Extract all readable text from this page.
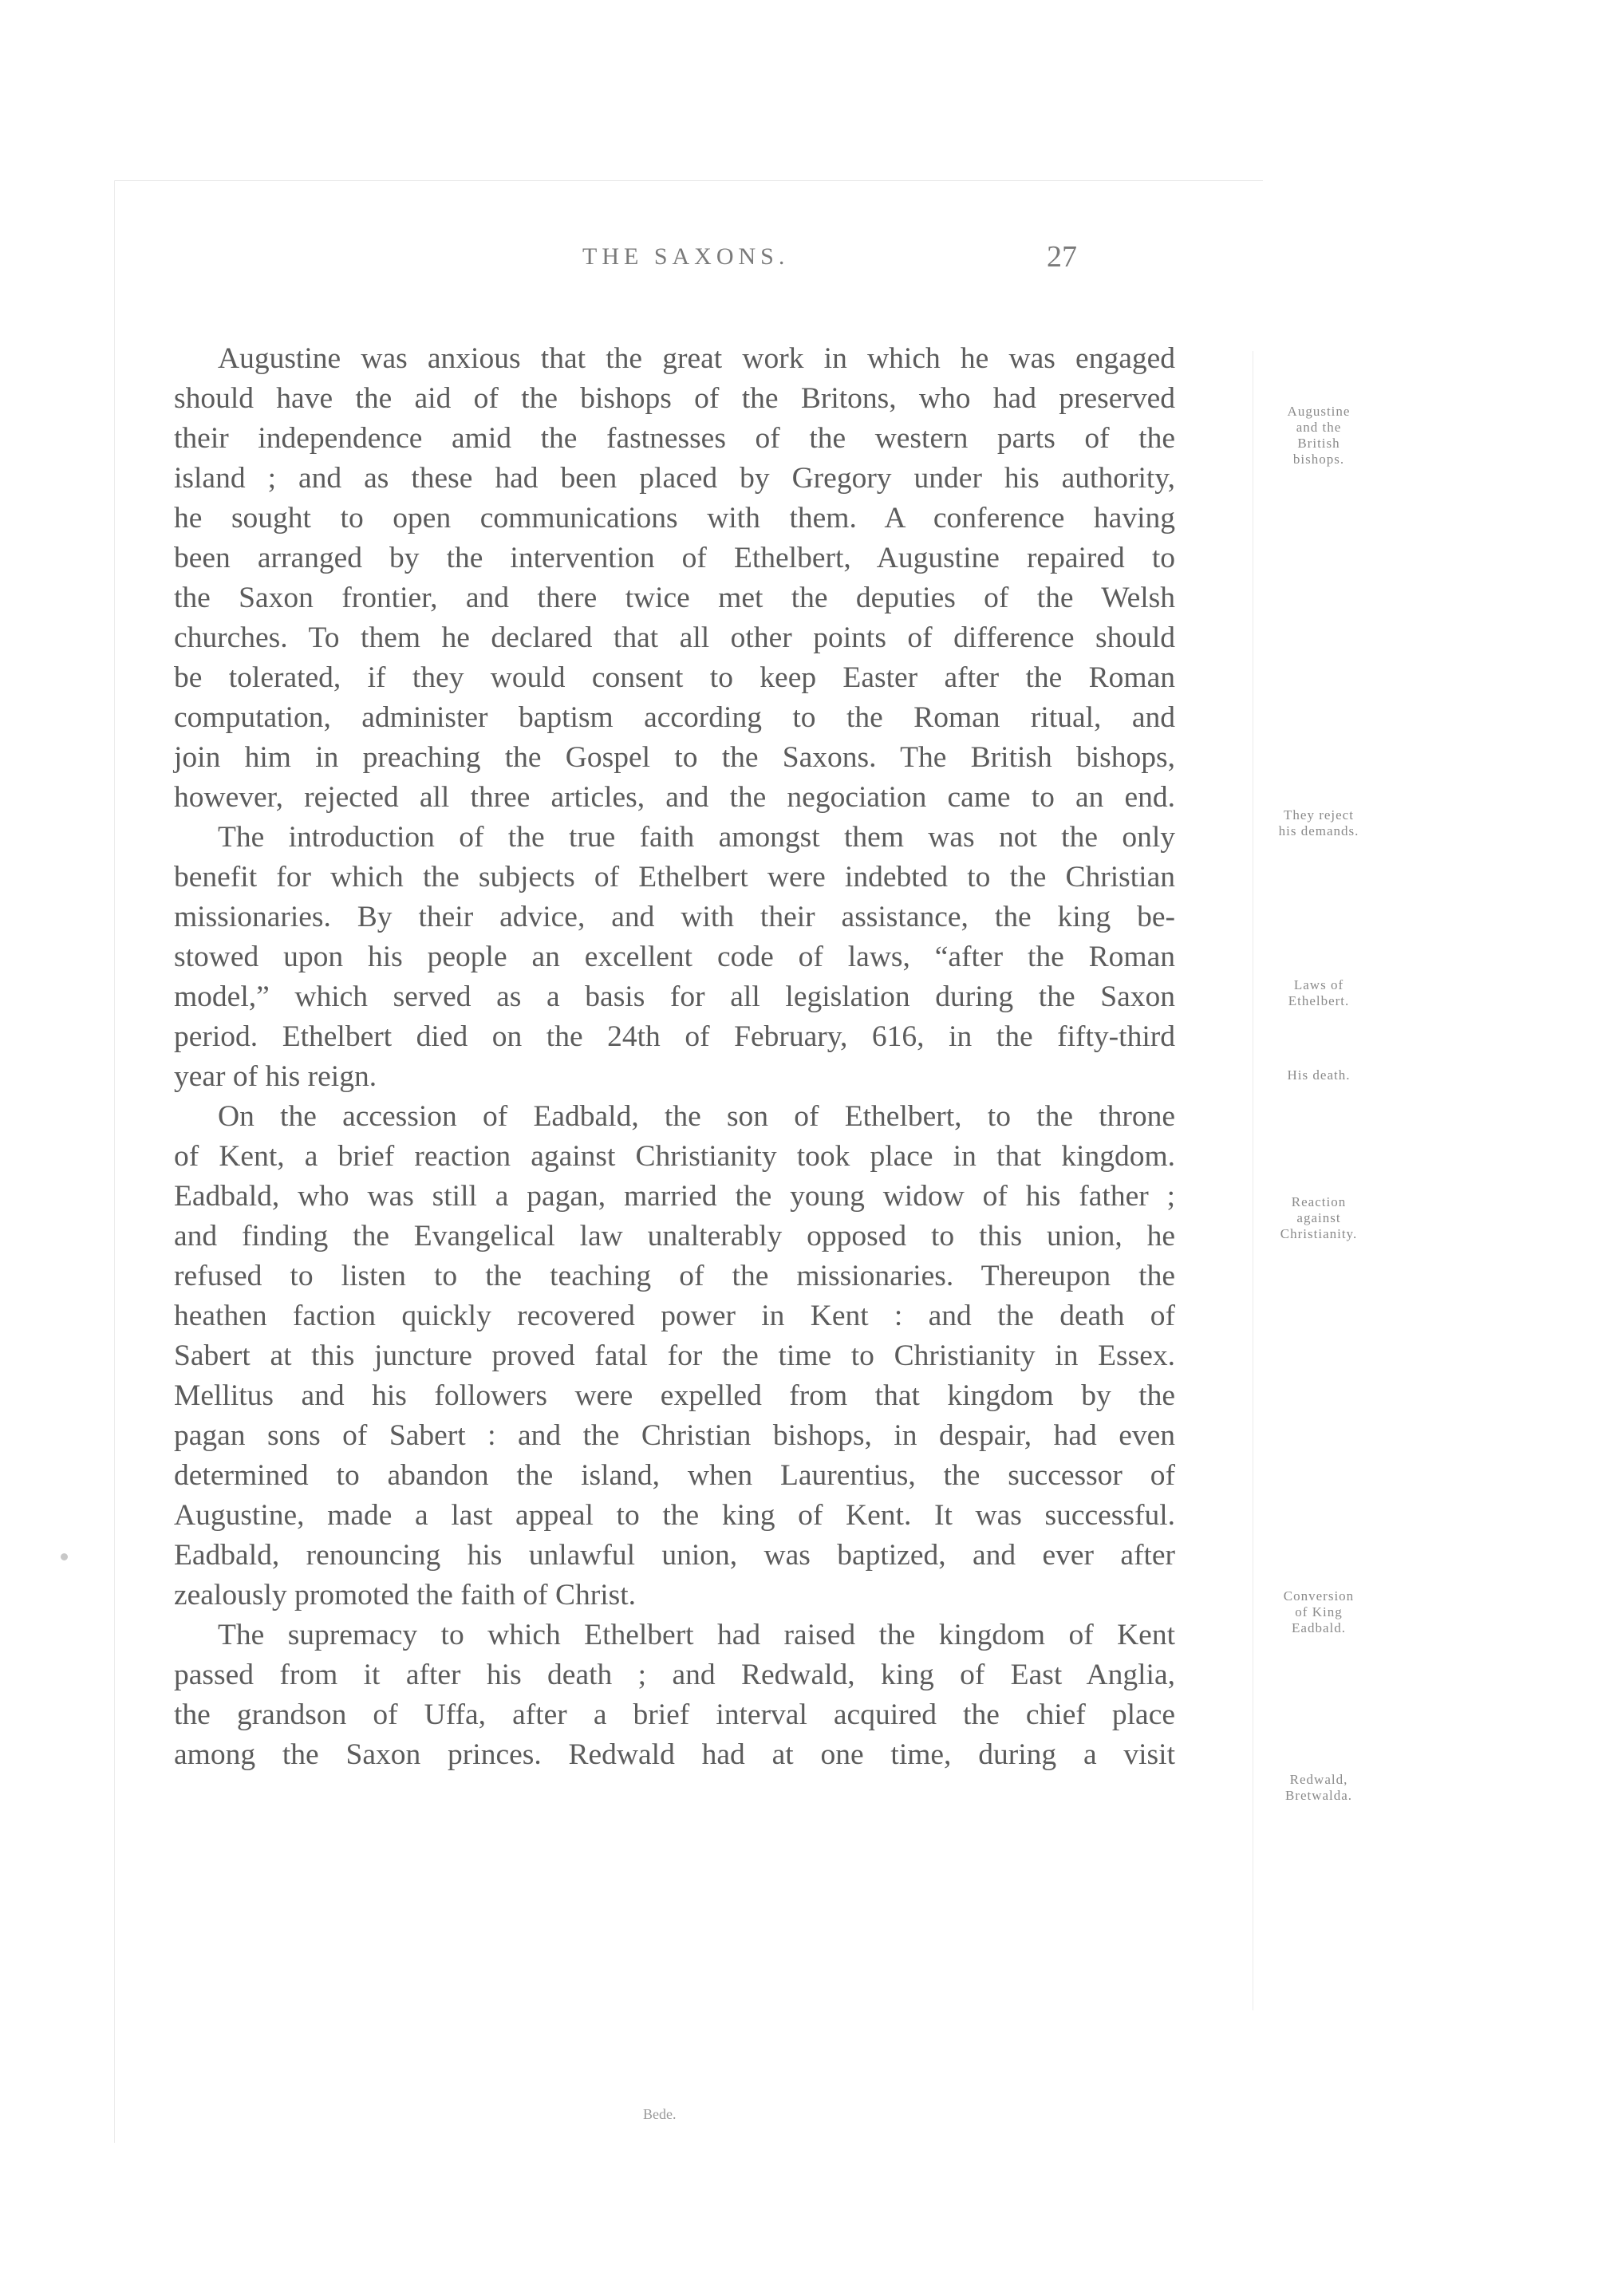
THE SAXONS.	27
Augustine was anxious that the great work in which he was engaged
should have the aid of the bishops of the Britons, who had preserved
their independence amid the fastnesses of the western parts of the
island ; and as these had been placed by Gregory under his authority,
he sought to open communications with them. A conference having
been arranged by the intervention of Ethelbert, Augustine repaired to
the Saxon frontier, and there twice met the deputies of the Welsh
churches. To them he declared that all other points of difference should
be tolerated, if they would consent to keep Easter after the Roman
computation, administer baptism according to the Roman ritual, and
join him in preaching the Gospel to the Saxons. The British bishops,
however, rejected all three articles, and the negociation came to an end.
The introduction of the true faith amongst them was not the only
benefit for which the subjects of Ethelbert were indebted to the Christian
missionaries. By their advice, and with their assistance, the king be-
stowed upon his people an excellent code of laws, “after the Roman
model,” which served as a basis for all legislation during the Saxon
period. Ethelbert died on the 24th of February, 616, in the fifty-third
year of his reign.
On the accession of Eadbald, the son of Ethelbert, to the throne
of Kent, a brief reaction against Christianity took place in that kingdom.
Eadbald, who was still a pagan, married the young widow of his father ;
and finding the Evangelical law unalterably opposed to this union, he
refused to listen to the teaching of the missionaries. Thereupon the
heathen faction quickly recovered power in Kent : and the death of
Sabert at this juncture proved fatal for the time to Christianity in Essex.
Mellitus and his followers were expelled from that kingdom by the
pagan sons of Sabert : and the Christian bishops, in despair, had even
determined to abandon the island, when Laurentius, the successor of
Augustine, made a last appeal to the king of Kent. It was successful.
Eadbald, renouncing his unlawful union, was baptized, and ever after
zealously promoted the faith of Christ.
The supremacy to which Ethelbert had raised the kingdom of Kent
passed from it after his death ; and Redwald, king of East Anglia,
the grandson of Uffa, after a brief interval acquired the chief place
among the Saxon princes. Redwald had at one time, during a visit
Augustine
and the
British
bishops.
They reject
his demands.
Laws of
Ethelbert.
His death.
Reaction
against
Christianity.
Conversion
of King
Eadbald.
Redwald,
Bretwalda.
Bede.
